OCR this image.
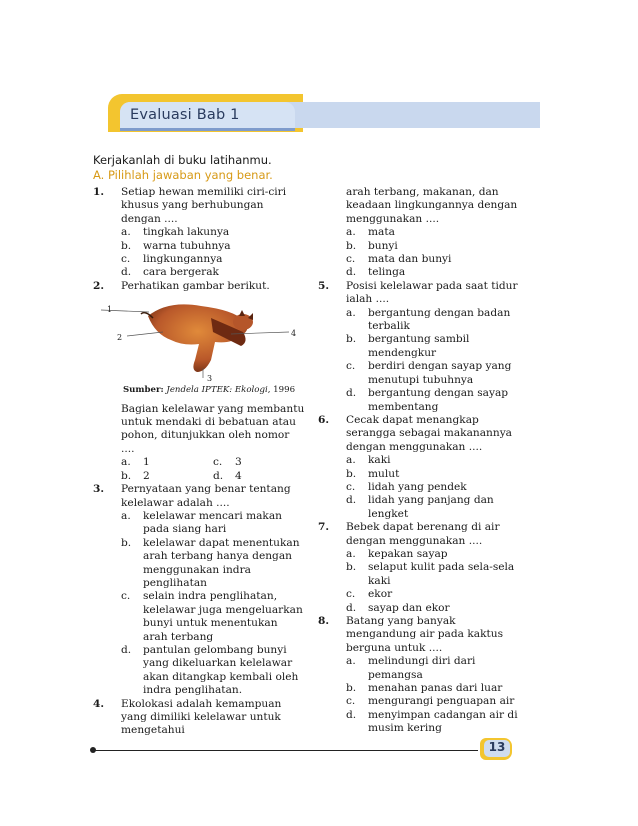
Evaluasi Bab 1
Kerjakanlah di buku latihanmu.
A. Pilihlah jawaban yang benar.
1. Setiap hewan memiliki ciri-ciri khusus yang berhubungan dengan ....
a. tingkah lakunya
b. warna tubuhnya
c. lingkungannya
d. cara bergerak
2. Perhatikan gambar berikut.
1
2
3
4
Sumber: Jendela IPTEK: Ekologi, 1996
Bagian kelelawar yang membantu untuk mendaki di bebatuan atau pohon, ditunjukkan oleh nomor ....
a. 1	c. 3
b. 2	d. 4
3. Pernyataan yang benar tentang kelelawar adalah ....
a. kelelawar mencari makan pada siang hari
b. kelelawar dapat menentukan arah terbang hanya dengan menggunakan indra penglihatan
c. selain indra penglihatan, kelelawar juga mengeluarkan bunyi untuk menentukan arah terbang
d. pantulan gelombang bunyi yang dikeluarkan kelelawar akan ditangkap kembali oleh indra penglihatan.
4. Ekolokasi adalah kemampuan yang dimiliki kelelawar untuk mengetahui
arah terbang, makanan, dan keadaan lingkungannya dengan menggunakan ....
a. mata
b. bunyi
c. mata dan bunyi
d. telinga
5. Posisi kelelawar pada saat tidur ialah ....
a. bergantung dengan badan terbalik
b. bergantung sambil mendengkur
c. berdiri dengan sayap yang menutupi tubuhnya
d. bergantung dengan sayap membentang
6. Cecak dapat menangkap serangga sebagai makanannya dengan menggunakan ....
a. kaki
b. mulut
c. lidah yang pendek
d. lidah yang panjang dan lengket
7. Bebek dapat berenang di air dengan menggunakan ....
a. kepakan sayap
b. selaput kulit pada sela-sela kaki
c. ekor
d. sayap dan ekor
8. Batang yang banyak mengandung air pada kaktus berguna untuk ....
a. melindungi diri dari pemangsa
b. menahan panas dari luar
c. mengurangi penguapan air
d. menyimpan cadangan air di musim kering
13
